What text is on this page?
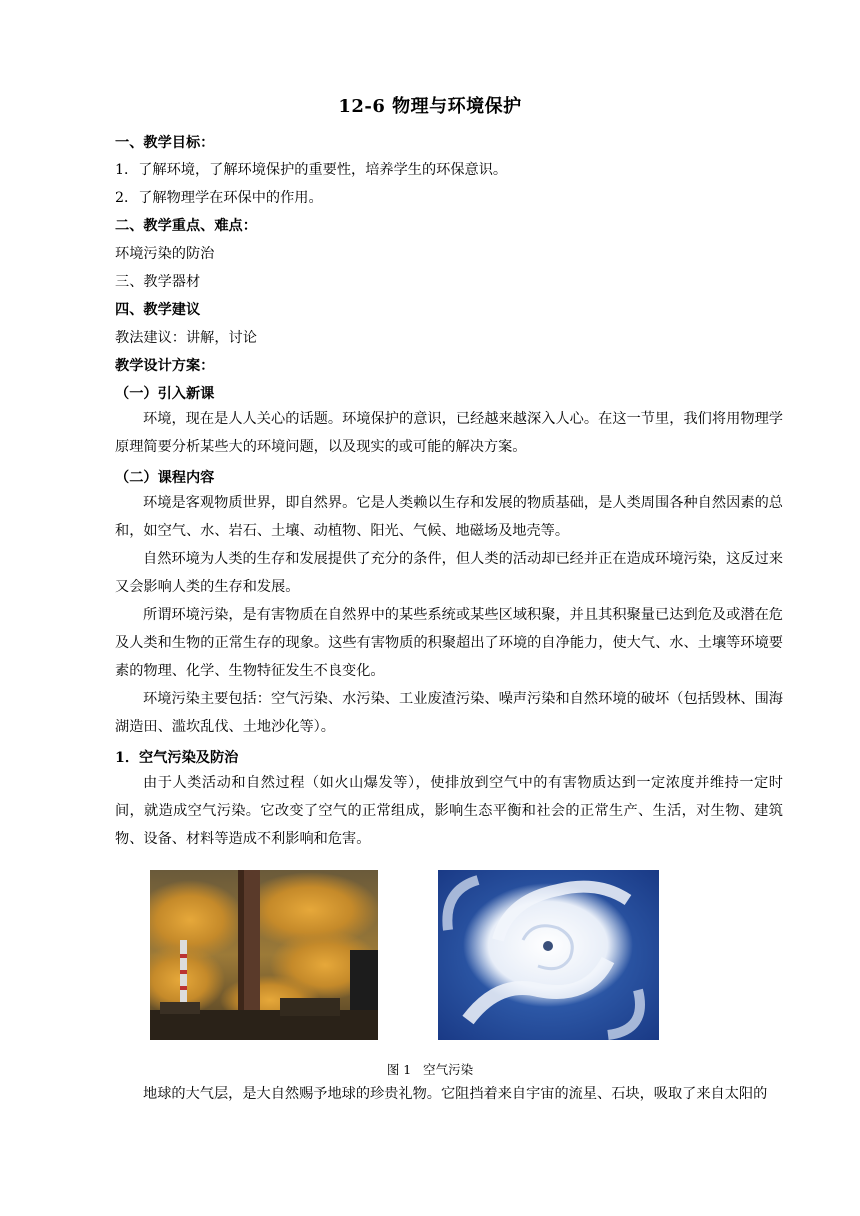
12-6 物理与环境保护
一、教学目标：
1．了解环境，了解环境保护的重要性，培养学生的环保意识。
2．了解物理学在环保中的作用。
二、教学重点、难点：
环境污染的防治
三、教学器材
四、教学建议
教法建议：讲解，讨论
教学设计方案：
（一）引入新课

环境，现在是人人关心的话题。环境保护的意识，已经越来越深入人心。在这一节里，我们将用物理学原理简要分析某些大的环境问题，以及现实的或可能的解决方案。

（二）课程内容

环境是客观物质世界，即自然界。它是人类赖以生存和发展的物质基础，是人类周围各种自然因素的总和，如空气、水、岩石、土壤、动植物、阳光、气候、地磁场及地壳等。

自然环境为人类的生存和发展提供了充分的条件，但人类的活动却已经并正在造成环境污染，这反过来又会影响人类的生存和发展。

所谓环境污染，是有害物质在自然界中的某些系统或某些区域积聚，并且其积聚量已达到危及或潜在危及人类和生物的正常生存的现象。这些有害物质的积聚超出了环境的自净能力，使大气、水、土壤等环境要素的物理、化学、生物特征发生不良变化。

环境污染主要包括：空气污染、水污染、工业废渣污染、噪声污染和自然环境的破坏（包括毁林、围海湖造田、滥坎乱伐、土地沙化等）。

1．空气污染及防治

由于人类活动和自然过程（如火山爆发等），使排放到空气中的有害物质达到一定浓度并维持一定时间，就造成空气污染。它改变了空气的正常组成，影响生态平衡和社会的正常生产、生活，对生物、建筑物、设备、材料等造成不利影响和危害。

图 1   空气污染

地球的大气层，是大自然赐予地球的珍贵礼物。它阻挡着来自宇宙的流星、石块，吸取了来自太阳的
